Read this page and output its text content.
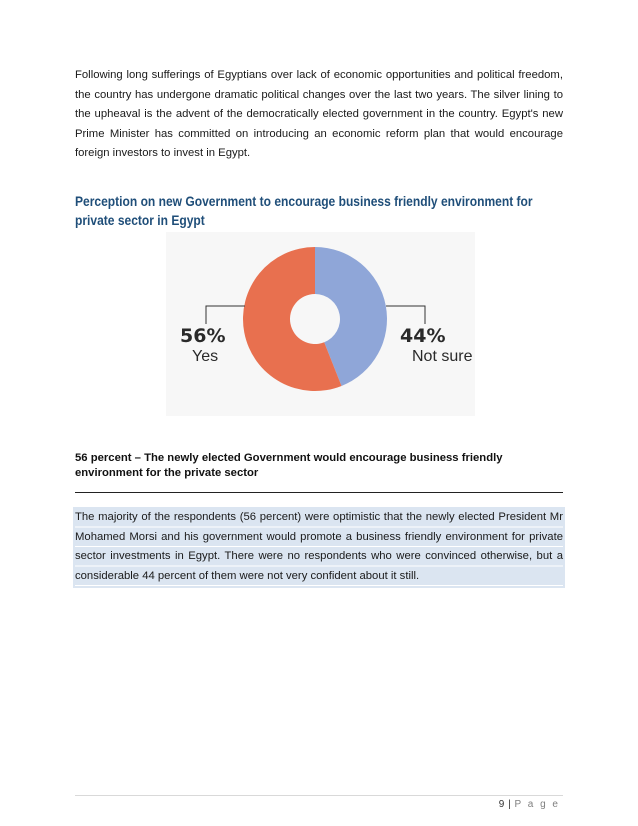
Following long sufferings of Egyptians over lack of economic opportunities and political freedom, the country has undergone dramatic political changes over the last two years. The silver lining to the upheaval is the advent of the democratically elected government in the country. Egypt's new Prime Minister has committed on introducing an economic reform plan that would encourage foreign investors to invest in Egypt.
Perception on new Government to encourage business friendly environment for private sector in Egypt
56%
Yes
44%
Not sure
56 percent – The newly elected Government would encourage business friendly environment for the private sector
The majority of the respondents (56 percent) were optimistic that the newly elected President Mr Mohamed Morsi and his government would promote a business friendly environment for private sector investments in Egypt. There were no respondents who were convinced otherwise, but a considerable 44 percent of them were not very confident about it still.
9 | P a g e
